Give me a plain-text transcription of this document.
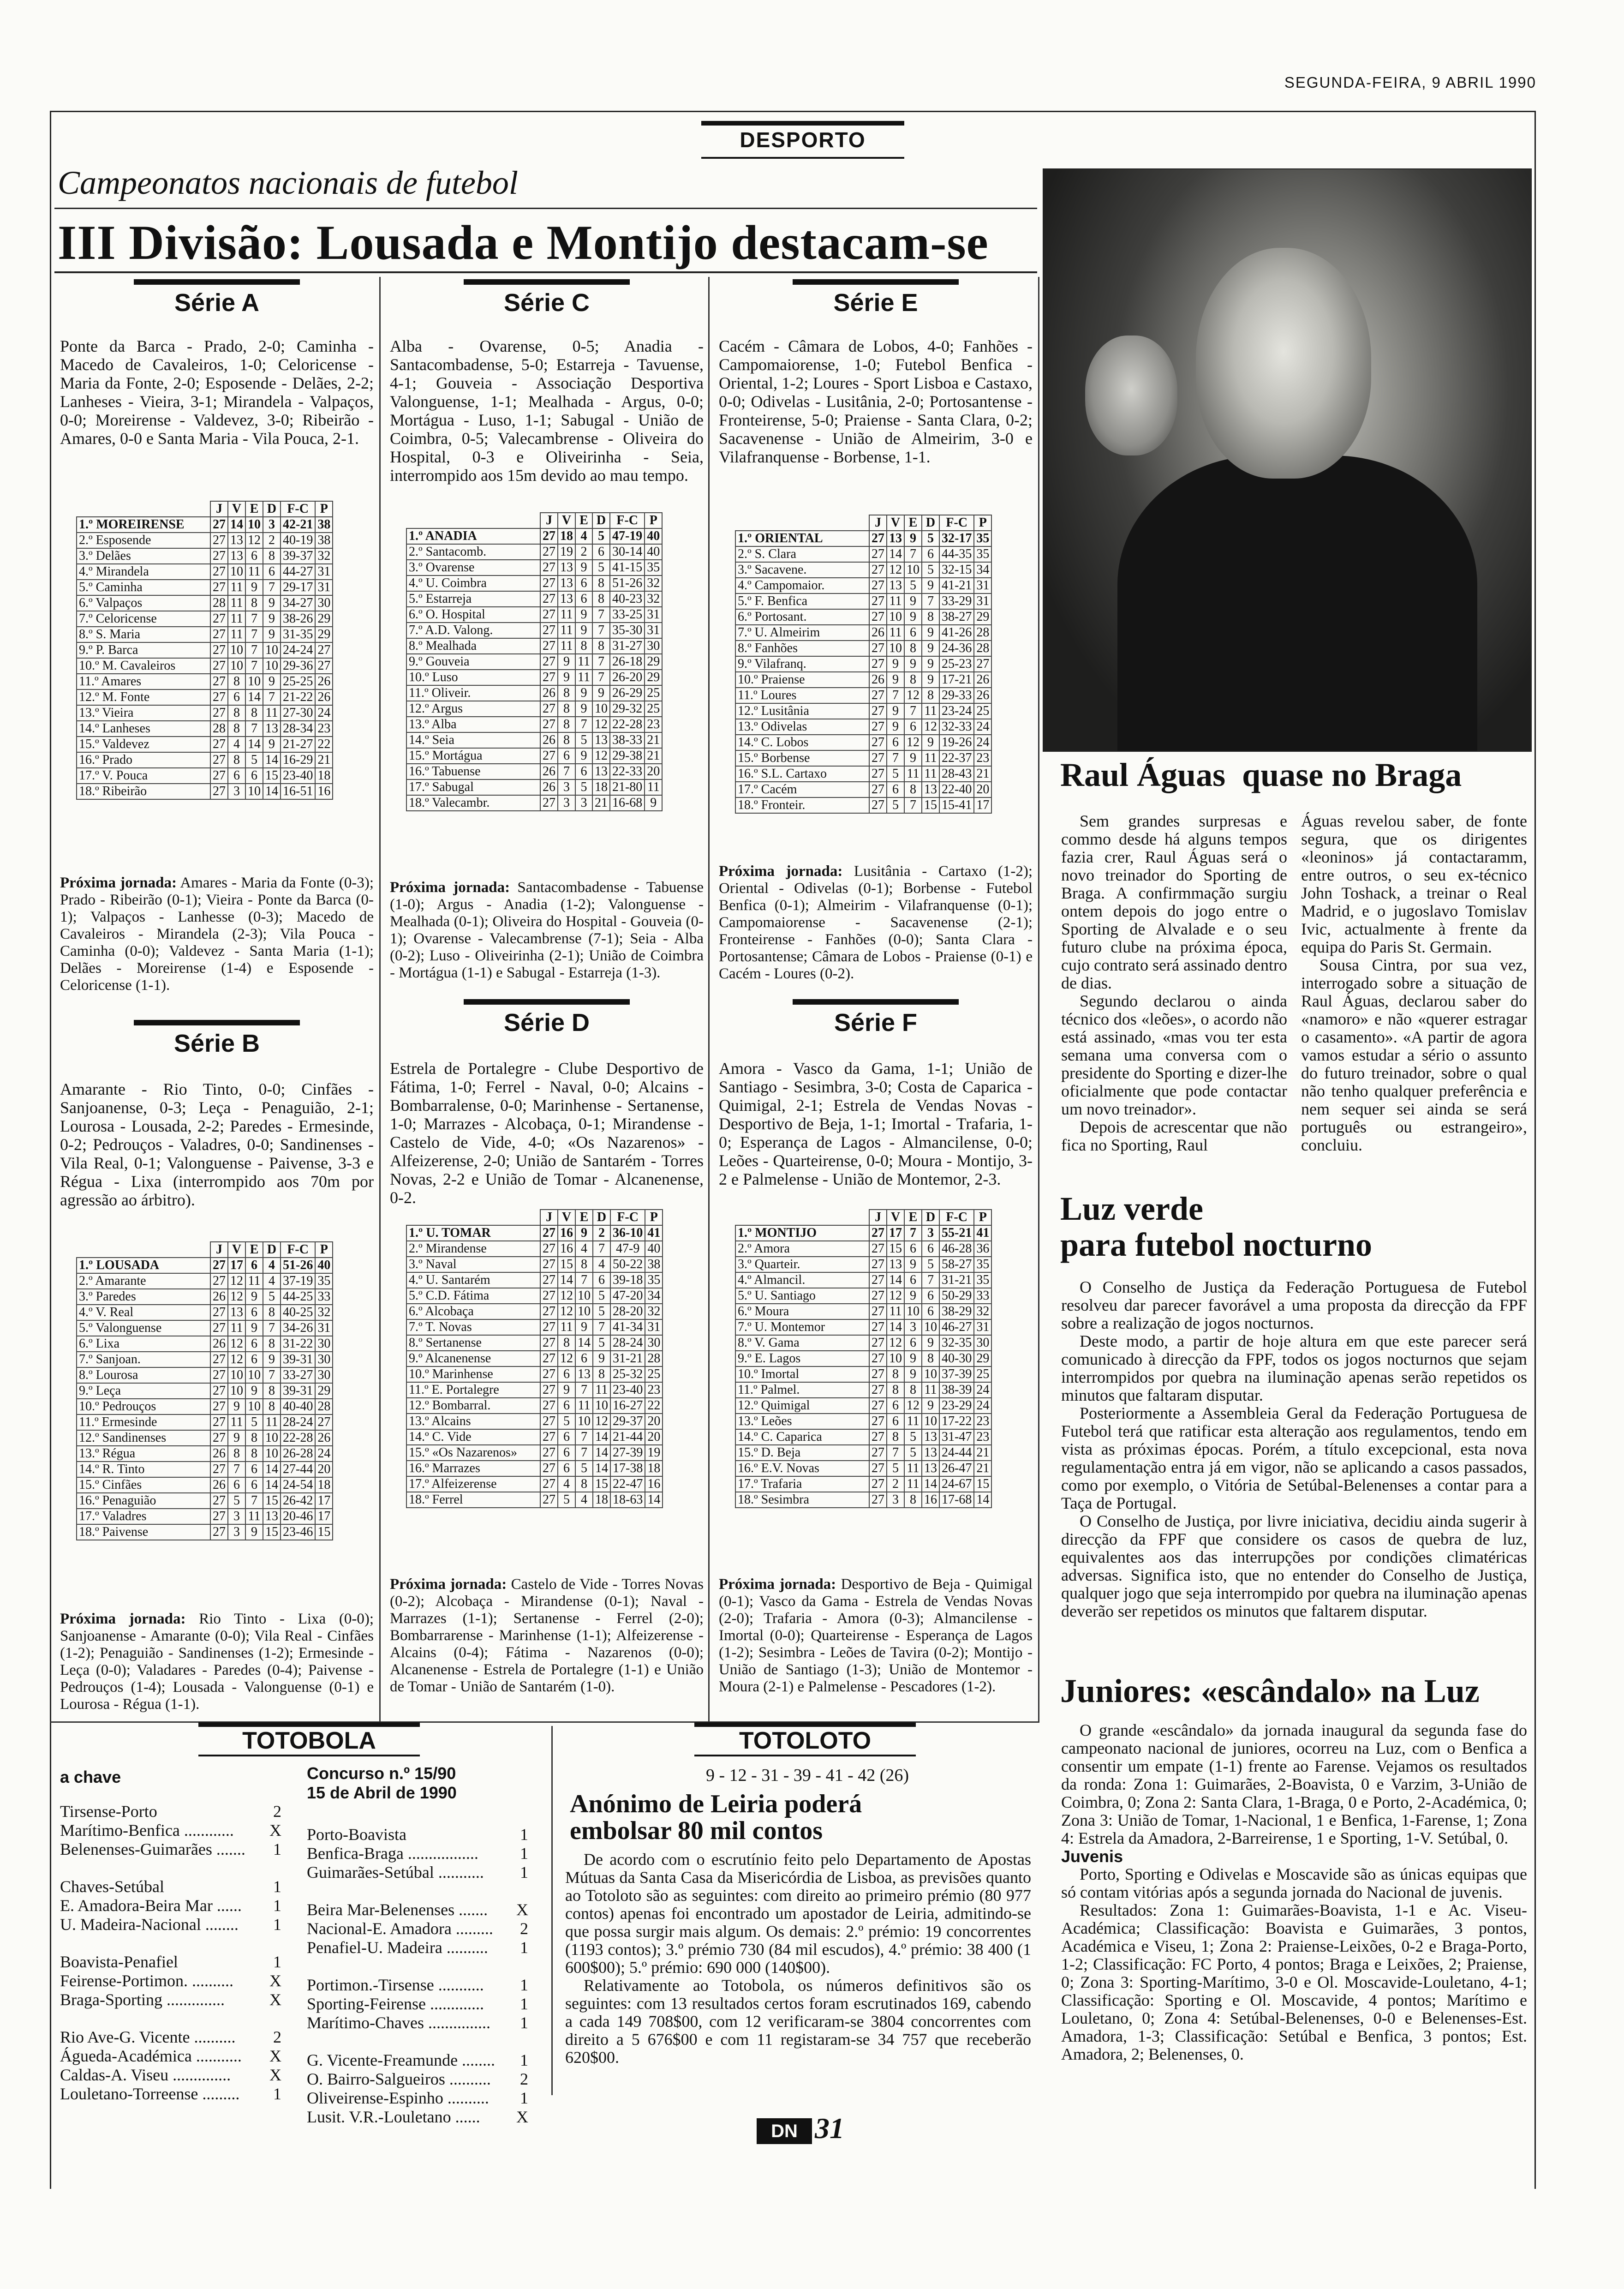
SEGUNDA-FEIRA, 9 ABRIL 1990
DESPORTO
Campeonatos nacionais de futebol
III Divisão: Lousada e Montijo destacam-se
Série A
Ponte da Barca - Prado, 2-0; Caminha - Macedo de Cavaleiros, 1-0; Celoricense - Maria da Fonte, 2-0; Esposende - Delães, 2-2; Lanheses - Vieira, 3-1; Mirandela - Valpaços, 0-0; Moreirense - Valdevez, 3-0; Ribeirão - Amares, 0-0 e Santa Maria - Vila Pouca, 2-1.
	J	V	E	D	F-C	P
1.º MOREIRENSE	27	14	10	3	42-21	38
2.º Esposende	27	13	12	2	40-19	38
3.º Delães	27	13	6	8	39-37	32
4.º Mirandela	27	10	11	6	44-27	31
5.º Caminha	27	11	9	7	29-17	31
6.º Valpaços	28	11	8	9	34-27	30
7.º Celoricense	27	11	7	9	38-26	29
8.º S. Maria	27	11	7	9	31-35	29
9.º P. Barca	27	10	7	10	24-24	27
10.º M. Cavaleiros	27	10	7	10	29-36	27
11.º Amares	27	8	10	9	25-25	26
12.º M. Fonte	27	6	14	7	21-22	26
13.º Vieira	27	8	8	11	27-30	24
14.º Lanheses	28	8	7	13	28-34	23
15.º Valdevez	27	4	14	9	21-27	22
16.º Prado	27	8	5	14	16-29	21
17.º V. Pouca	27	6	6	15	23-40	18
18.º Ribeirão	27	3	10	14	16-51	16
Próxima jornada: Amares - Maria da Fonte (0-3); Prado - Ribeirão (0-1); Vieira - Ponte da Barca (0-1); Valpaços - Lanhesse (0-3); Macedo de Cavaleiros - Mirandela (2-3); Vila Pouca - Caminha (0-0); Valdevez - Santa Maria (1-1); Delães - Moreirense (1-4) e Esposende - Celoricense (1-1).
Série C
Alba - Ovarense, 0-5; Anadia - Santacombadense, 5-0; Estarreja - Tavuense, 4-1; Gouveia - Associação Desportiva Valonguense, 1-1; Mealhada - Argus, 0-0; Mortágua - Luso, 1-1; Sabugal - União de Coimbra, 0-5; Valecambrense - Oliveira do Hospital, 0-3 e Oliveirinha - Seia, interrompido aos 15m devido ao mau tempo.
	J	V	E	D	F-C	P
1.º ANADIA	27	18	4	5	47-19	40
2.º Santacomb.	27	19	2	6	30-14	40
3.º Ovarense	27	13	9	5	41-15	35
4.º U. Coimbra	27	13	6	8	51-26	32
5.º Estarreja	27	13	6	8	40-23	32
6.º O. Hospital	27	11	9	7	33-25	31
7.º A.D. Valong.	27	11	9	7	35-30	31
8.º Mealhada	27	11	8	8	31-27	30
9.º Gouveia	27	9	11	7	26-18	29
10.º Luso	27	9	11	7	26-20	29
11.º Oliveir.	26	8	9	9	26-29	25
12.º Argus	27	8	9	10	29-32	25
13.º Alba	27	8	7	12	22-28	23
14.º Seia	26	8	5	13	38-33	21
15.º Mortágua	27	6	9	12	29-38	21
16.º Tabuense	26	7	6	13	22-33	20
17.º Sabugal	26	3	5	18	21-80	11
18.º Valecambr.	27	3	3	21	16-68	9
Próxima jornada: Santacombadense - Tabuense (1-0); Argus - Anadia (1-2); Valonguense - Mealhada (0-1); Oliveira do Hospital - Gouveia (0-1); Ovarense - Valecambrense (7-1); Seia - Alba (0-2); Luso - Oliveirinha (2-1); União de Coimbra - Mortágua (1-1) e Sabugal - Estarreja (1-3).
Série E
Cacém - Câmara de Lobos, 4-0; Fanhões - Campomaiorense, 1-0; Futebol Benfica - Oriental, 1-2; Loures - Sport Lisboa e Castaxo, 0-0; Odivelas - Lusitânia, 2-0; Portosantense - Fronteirense, 5-0; Praiense - Santa Clara, 0-2; Sacavenense - União de Almeirim, 3-0 e Vilafranquense - Borbense, 1-1.
	J	V	E	D	F-C	P
1.º ORIENTAL	27	13	9	5	32-17	35
2.º S. Clara	27	14	7	6	44-35	35
3.º Sacavene.	27	12	10	5	32-15	34
4.º Campomaior.	27	13	5	9	41-21	31
5.º F. Benfica	27	11	9	7	33-29	31
6.º Portosant.	27	10	9	8	38-27	29
7.º U. Almeirim	26	11	6	9	41-26	28
8.º Fanhões	27	10	8	9	24-36	28
9.º Vilafranq.	27	9	9	9	25-23	27
10.º Praiense	26	9	8	9	17-21	26
11.º Loures	27	7	12	8	29-33	26
12.º Lusitânia	27	9	7	11	23-24	25
13.º Odivelas	27	9	6	12	32-33	24
14.º C. Lobos	27	6	12	9	19-26	24
15.º Borbense	27	7	9	11	22-37	23
16.º S.L. Cartaxo	27	5	11	11	28-43	21
17.º Cacém	27	6	8	13	22-40	20
18.º Fronteir.	27	5	7	15	15-41	17
Próxima jornada: Lusitânia - Cartaxo (1-2); Oriental - Odivelas (0-1); Borbense - Futebol Benfica (0-1); Almeirim - Vilafranquense (0-1); Campomaiorense - Sacavenense (2-1); Fronteirense - Fanhões (0-0); Santa Clara - Portosantense; Câmara de Lobos - Praiense (0-1) e Cacém - Loures (0-2).
Série B
Amarante - Rio Tinto, 0-0; Cinfães - Sanjoanense, 0-3; Leça - Penaguião, 2-1; Lourosa - Lousada, 2-2; Paredes - Ermesinde, 0-2; Pedrouços - Valadres, 0-0; Sandinenses - Vila Real, 0-1; Valonguense - Paivense, 3-3 e Régua - Lixa (interrompido aos 70m por agressão ao árbitro).
	J	V	E	D	F-C	P
1.º LOUSADA	27	17	6	4	51-26	40
2.º Amarante	27	12	11	4	37-19	35
3.º Paredes	26	12	9	5	44-25	33
4.º V. Real	27	13	6	8	40-25	32
5.º Valonguense	27	11	9	7	34-26	31
6.º Lixa	26	12	6	8	31-22	30
7.º Sanjoan.	27	12	6	9	39-31	30
8.º Lourosa	27	10	10	7	33-27	30
9.º Leça	27	10	9	8	39-31	29
10.º Pedrouços	27	9	10	8	40-40	28
11.º Ermesinde	27	11	5	11	28-24	27
12.º Sandinenses	27	9	8	10	22-28	26
13.º Régua	26	8	8	10	26-28	24
14.º R. Tinto	27	7	6	14	27-44	20
15.º Cinfães	26	6	6	14	24-54	18
16.º Penaguião	27	5	7	15	26-42	17
17.º Valadres	27	3	11	13	20-46	17
18.º Paivense	27	3	9	15	23-46	15
Próxima jornada: Rio Tinto - Lixa (0-0); Sanjoanense - Amarante (0-0); Vila Real - Cinfães (1-2); Penaguião - Sandinenses (1-2); Ermesinde - Leça (0-0); Valadares - Paredes (0-4); Paivense - Pedrouços (1-4); Lousada - Valonguense (0-1) e Lourosa - Régua (1-1).
Série D
Estrela de Portalegre - Clube Desportivo de Fátima, 1-0; Ferrel - Naval, 0-0; Alcains - Bombarralense, 0-0; Marinhense - Sertanense, 1-0; Marrazes - Alcobaça, 0-1; Mirandense - Castelo de Vide, 4-0; «Os Nazarenos» - Alfeizerense, 2-0; União de Santarém - Torres Novas, 2-2 e União de Tomar - Alcanenense, 0-2.
	J	V	E	D	F-C	P
1.º U. TOMAR	27	16	9	2	36-10	41
2.º Mirandense	27	16	4	7	47-9	40
3.º Naval	27	15	8	4	50-22	38
4.º U. Santarém	27	14	7	6	39-18	35
5.º C.D. Fátima	27	12	10	5	47-20	34
6.º Alcobaça	27	12	10	5	28-20	32
7.º T. Novas	27	11	9	7	41-34	31
8.º Sertanense	27	8	14	5	28-24	30
9.º Alcanenense	27	12	6	9	31-21	28
10.º Marinhense	27	6	13	8	25-32	25
11.º E. Portalegre	27	9	7	11	23-40	23
12.º Bombarral.	27	6	11	10	16-27	22
13.º Alcains	27	5	10	12	29-37	20
14.º C. Vide	27	6	7	14	21-44	20
15.º «Os Nazarenos»	27	6	7	14	27-39	19
16.º Marrazes	27	6	5	14	17-38	18
17.º Alfeizerense	27	4	8	15	22-47	16
18.º Ferrel	27	5	4	18	18-63	14
Próxima jornada: Castelo de Vide - Torres Novas (0-2); Alcobaça - Mirandense (0-1); Naval - Marrazes (1-1); Sertanense - Ferrel (2-0); Bombarrarense - Marinhense (1-1); Alfeizerense - Alcains (0-4); Fátima - Nazarenos (0-0); Alcanenense - Estrela de Portalegre (1-1) e União de Tomar - União de Santarém (1-0).
Série F
Amora - Vasco da Gama, 1-1; União de Santiago - Sesimbra, 3-0; Costa de Caparica - Quimigal, 2-1; Estrela de Vendas Novas - Desportivo de Beja, 1-1; Imortal - Trafaria, 1-0; Esperança de Lagos - Almancilense, 0-0; Leões - Quarteirense, 0-0; Moura - Montijo, 3-2 e Palmelense - União de Montemor, 2-3.
	J	V	E	D	F-C	P
1.º MONTIJO	27	17	7	3	55-21	41
2.º Amora	27	15	6	6	46-28	36
3.º Quarteir.	27	13	9	5	58-27	35
4.º Almancil.	27	14	6	7	31-21	35
5.º U. Santiago	27	12	9	6	50-29	33
6.º Moura	27	11	10	6	38-29	32
7.º U. Montemor	27	14	3	10	46-27	31
8.º V. Gama	27	12	6	9	32-35	30
9.º E. Lagos	27	10	9	8	40-30	29
10.º Imortal	27	8	9	10	37-39	25
11.º Palmel.	27	8	8	11	38-39	24
12.º Quimigal	27	6	12	9	23-29	24
13.º Leões	27	6	11	10	17-22	23
14.º C. Caparica	27	8	5	13	31-47	23
15.º D. Beja	27	7	5	13	24-44	21
16.º E.V. Novas	27	5	11	13	26-47	21
17.º Trafaria	27	2	11	14	24-67	15
18.º Sesimbra	27	3	8	16	17-68	14
Próxima jornada: Desportivo de Beja - Quimigal (0-1); Vasco da Gama - Estrela de Vendas Novas (2-0); Trafaria - Amora (0-3); Almancilense - Imortal (0-0); Quarteirense - Esperança de Lagos (1-2); Sesimbra - Leões de Tavira (0-2); Montijo - União de Santiago (1-3); União de Montemor - Moura (2-1) e Palmelense - Pescadores (1-2).
Raul Águas quase no Braga

Sem grandes surpresas e commo desde há alguns tempos fazia crer, Raul Águas será o novo treinador do Sporting de Braga. A confirmmação surgiu ontem depois do jogo entre o Sporting de Alvalade e o seu futuro clube na próxima época, cujo contrato será assinado dentro de dias.

Segundo declarou o ainda técnico dos «leões», o acordo não está assinado, «mas vou ter esta semana uma conversa com o presidente do Sporting e dizer-lhe oficialmente que pode contactar um novo treinador».

Depois de acrescentar que não fica no Sporting, Raul

Águas revelou saber, de fonte segura, que os dirigentes «leoninos» já contactaramm, entre outros, o seu ex-técnico John Toshack, a treinar o Real Madrid, e o jugoslavo Tomislav Ivic, actualmente à frente da equipa do Paris St. Germain.

Sousa Cintra, por sua vez, interrogado sobre a situação de Raul Águas, declarou saber do «namoro» e não «querer estragar o casamento». «A partir de agora vamos estudar a sério o assunto do futuro treinador, sobre o qual não tenho qualquer preferência e nem sequer sei ainda se será português ou estrangeiro», concluiu.

Luz verde
para futebol nocturno

O Conselho de Justiça da Federação Portuguesa de Futebol resolveu dar parecer favorável a uma proposta da direcção da FPF sobre a realização de jogos nocturnos.

Deste modo, a partir de hoje altura em que este parecer será comunicado à direcção da FPF, todos os jogos nocturnos que sejam interrompidos por quebra na iluminação apenas serão repetidos os minutos que faltaram disputar.

Posteriormente a Assembleia Geral da Federação Portuguesa de Futebol terá que ratificar esta alteração aos regulamentos, tendo em vista as próximas épocas. Porém, a título excepcional, esta nova regulamentação entra já em vigor, não se aplicando a casos passados, como por exemplo, o Vitória de Setúbal-Belenenses a contar para a Taça de Portugal.

O Conselho de Justiça, por livre iniciativa, decidiu ainda sugerir à direcção da FPF que considere os casos de quebra de luz, equivalentes aos das interrupções por condições climatéricas adversas. Significa isto, que no entender do Conselho de Justiça, qualquer jogo que seja interrompido por quebra na iluminação apenas deverão ser repetidos os minutos que faltarem disputar.

Juniores: «escândalo» na Luz

O grande «escândalo» da jornada inaugural da segunda fase do campeonato nacional de juniores, ocorreu na Luz, com o Benfica a consentir um empate (1-1) frente ao Farense. Vejamos os resultados da ronda: Zona 1: Guimarães, 2-Boavista, 0 e Varzim, 3-União de Coimbra, 0; Zona 2: Santa Clara, 1-Braga, 0 e Porto, 2-Académica, 0; Zona 3: União de Tomar, 1-Nacional, 1 e Benfica, 1-Farense, 1; Zona 4: Estrela da Amadora, 2-Barreirense, 1 e Sporting, 1-V. Setúbal, 0.

Juvenis

Porto, Sporting e Odivelas e Moscavide são as únicas equipas que só contam vitórias após a segunda jornada do Nacional de juvenis.

Resultados: Zona 1: Guimarães-Boavista, 1-1 e Ac. Viseu-Académica; Classificação: Boavista e Guimarães, 3 pontos, Académica e Viseu, 1; Zona 2: Praiense-Leixões, 0-2 e Braga-Porto, 1-2; Classificação: FC Porto, 4 pontos; Braga e Leixões, 2; Praiense, 0; Zona 3: Sporting-Marítimo, 3-0 e Ol. Moscavide-Louletano, 4-1; Classificação: Sporting e Ol. Moscavide, 4 pontos; Marítimo e Louletano, 0; Zona 4: Setúbal-Belenenses, 0-0 e Belenenses-Est. Amadora, 1-3; Classificação: Setúbal e Benfica, 3 pontos; Est. Amadora, 2; Belenenses, 0.

TOTOBOLA
a chave	Concurso n.º 15/90
15 de Abril de 1990
Tirsense-Porto	2
Marítimo-Benfica ............ X
Belenenses-Guimarães ....... 1
Chaves-Setúbal	1
E. Amadora-Beira Mar ...... 1
U. Madeira-Nacional ........ 1
Boavista-Penafiel	1
Feirense-Portimon. .......... X
Braga-Sporting ..............	X
Rio Ave-G. Vicente .......... 2
Águeda-Académica ........... X
Caldas-A. Viseu .............. X
Louletano-Torreense ......... 1
Porto-Boavista	1
Benfica-Braga .................	1
Guimarães-Setúbal ........... 1
Beira Mar-Belenenses ....... X
Nacional-E. Amadora ......... 2
Penafiel-U. Madeira .......... 1
Portimon.-Tirsense ........... 1
Sporting-Feirense ............. 1
Marítimo-Chaves ............... 1
G. Vicente-Freamunde ........ 1
O. Bairro-Salgueiros .......... 2
Oliveirense-Espinho .......... 1
Lusit. V.R.-Louletano ...... X
TOTOLOTO
9 - 12 - 31 - 39 - 41 - 42 (26)
Anónimo de Leiria poderá embolsar 80 mil contos

De acordo com o escrutínio feito pelo Departamento de Apostas Mútuas da Santa Casa da Misericórdia de Lisboa, as previsões quanto ao Totoloto são as seguintes: com direito ao primeiro prémio (80 977 contos) apenas foi encontrado um apostador de Leiria, admitindo-se que possa surgir mais algum. Os demais: 2.º prémio: 19 concorrentes (1193 contos); 3.º prémio 730 (84 mil escudos), 4.º prémio: 38 400 (1 600$00); 5.º prémio: 690 000 (140$00).

Relativamente ao Totobola, os números definitivos são os seguintes: com 13 resultados certos foram escrutinados 169, cabendo a cada 149 708$00, com 12 verificaram-se 3804 concorrentes com direito a 5 676$00 e com 11 registaram-se 34 757 que receberão 620$00.

DN 31
